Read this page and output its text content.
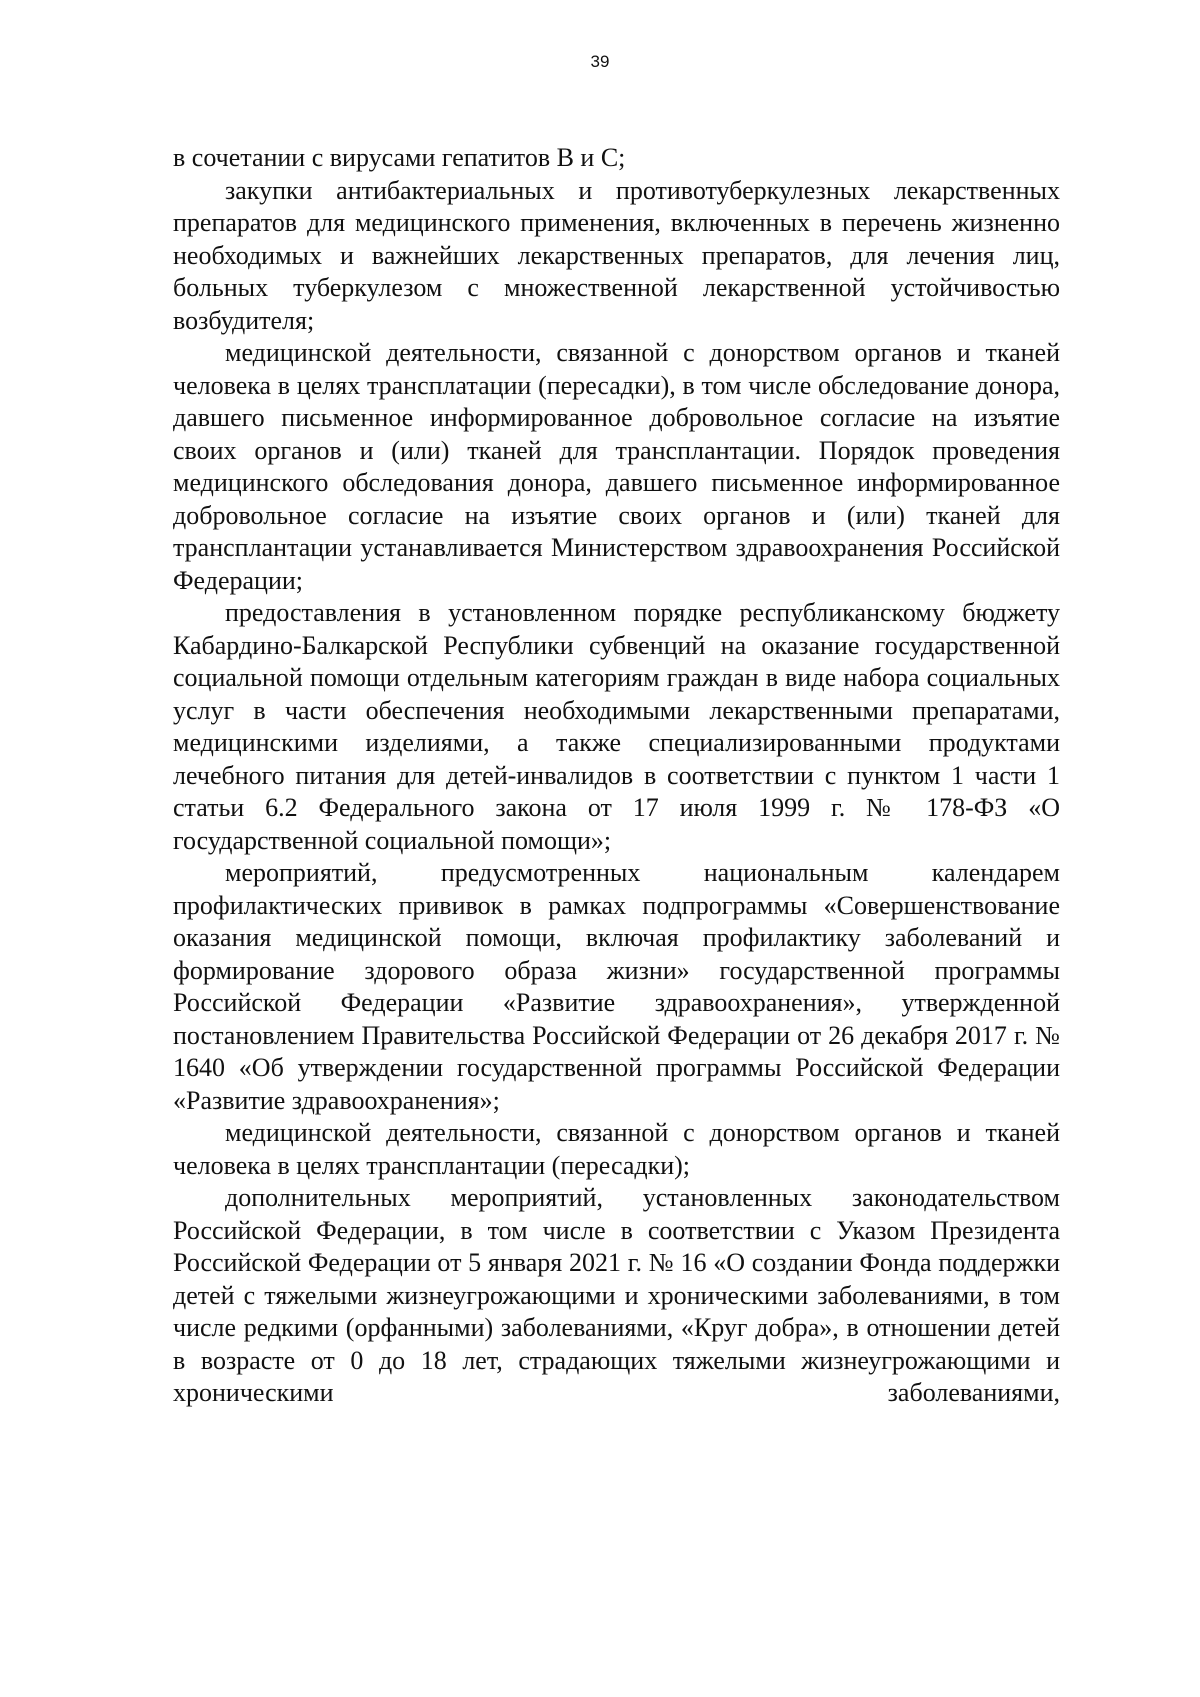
39

в сочетании с вирусами гепатитов B и C;

закупки антибактериальных и противотуберкулезных лекарственных препаратов для медицинского применения, включенных в перечень жизненно необходимых и важнейших лекарственных препаратов, для лечения лиц, больных туберкулезом с множественной лекарственной устойчивостью возбудителя;

медицинской деятельности, связанной с донорством органов и тканей человека в целях трансплатации (пересадки), в том числе обследование донора, давшего письменное информированное добровольное согласие на изъятие своих органов и (или) тканей для трансплантации. Порядок проведения медицинского обследования донора, давшего письменное информированное добровольное согласие на изъятие своих органов и (или) тканей для трансплантации устанавливается Министерством здравоохранения Российской Федерации;

предоставления в установленном порядке республиканскому бюджету Кабардино-Балкарской Республики субвенций на оказание государственной социальной помощи отдельным категориям граждан в виде набора социальных услуг в части обеспечения необходимыми лекарственными препаратами, медицинскими изделиями, а также специализированными продуктами лечебного питания для детей-инвалидов в соответствии с пунктом 1 части 1 статьи 6.2 Федерального закона от 17 июля 1999 г. № 178-ФЗ «О государственной социальной помощи»;

мероприятий, предусмотренных национальным календарем профилактических прививок в рамках подпрограммы «Совершенствование оказания медицинской помощи, включая профилактику заболеваний и формирование здорового образа жизни» государственной программы Российской Федерации «Развитие здравоохранения», утвержденной постановлением Правительства Российской Федерации от 26 декабря 2017 г. № 1640 «Об утверждении государственной программы Российской Федерации «Развитие здравоохранения»;

медицинской деятельности, связанной с донорством органов и тканей человека в целях трансплантации (пересадки);

дополнительных мероприятий, установленных законодательством Российской Федерации, в том числе в соответствии с Указом Президента Российской Федерации от 5 января 2021 г. № 16 «О создании Фонда поддержки детей с тяжелыми жизнеугрожающими и хроническими заболеваниями, в том числе редкими (орфанными) заболеваниями, «Круг добра», в отношении детей в возрасте от 0 до 18 лет, страдающих тяжелыми жизнеугрожающими и хроническими заболеваниями,
